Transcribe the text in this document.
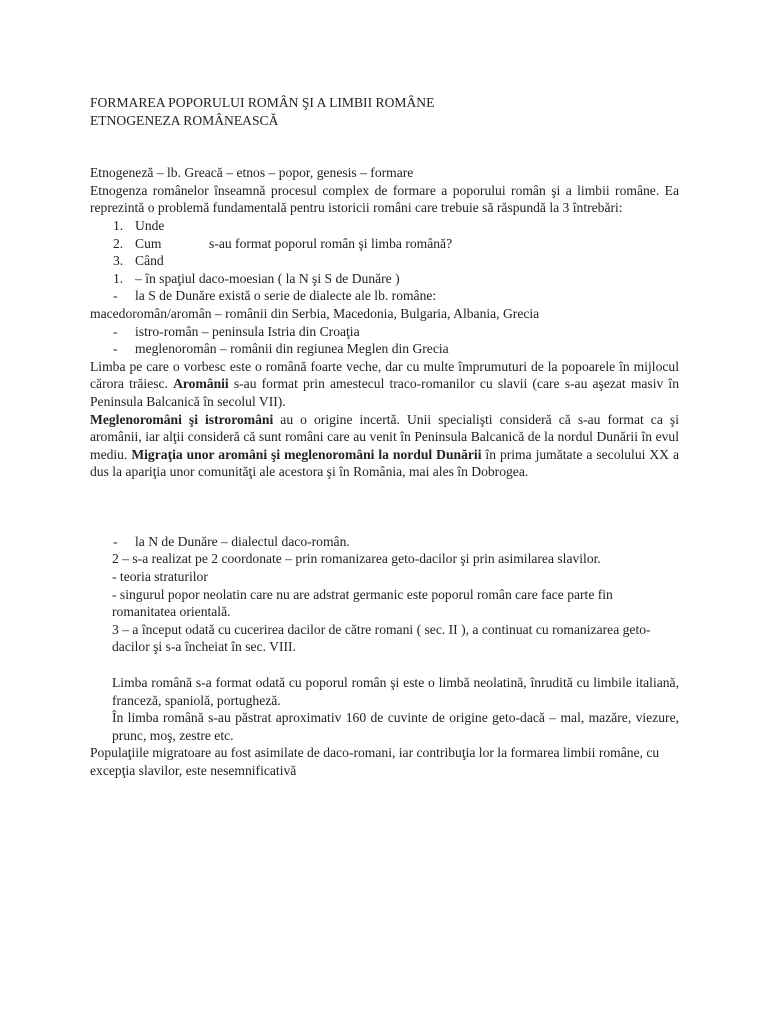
FORMAREA POPORULUI ROMÂN ŞI A LIMBII ROMÂNE
ETNOGENEZA ROMÂNEASCĂ

Etnogeneză – lb. Greacă – etnos – popor, genesis – formare

Etnogenza românelor înseamnă procesul complex de formare a poporului român şi a limbii române. Ea reprezintă o problemă fundamentală pentru istoricii români care trebuie să răspundă la 3 întrebări:

1. Unde
2. Cum	s-au format poporul român şi limba română?
3. Când
1. – în spaţiul daco-moesian ( la N şi S de Dunăre )
-	la S de Dunăre există o serie de dialecte ale lb. române:

macedoromân/aromân – românii din Serbia, Macedonia, Bulgaria, Albania, Grecia

-	istro-român – peninsula Istria din Croaţia
-	meglenoromân – românii din regiunea Meglen din Grecia

Limba pe care o vorbesc este o română foarte veche, dar cu multe împrumuturi de la popoarele în mijlocul cărora trăiesc. Aromânii s-au format prin amestecul traco-romanilor cu slavii (care s-au aşezat masiv în Peninsula Balcanică în secolul VII).

Meglenoromâni şi istroromâni au o origine incertă. Unii specialişti consideră că s-au format ca şi aromânii, iar alţii consideră că sunt români care au venit în Peninsula Balcanică de la nordul Dunării în evul mediu. Migraţia unor aromâni şi meglenoromâni la nordul Dunării în prima jumătate a secolului XX a dus la apariţia unor comunităţi ale acestora şi în România, mai ales în Dobrogea.

-	la N de Dunăre – dialectul daco-român.

2 – s-a realizat pe 2 coordonate – prin romanizarea geto-dacilor şi prin asimilarea slavilor.

- teoria straturilor

- singurul popor neolatin care nu are adstrat germanic este poporul român care face parte fin romanitatea orientală.

3 – a început odată cu cucerirea dacilor de către romani ( sec. II ), a continuat cu romanizarea geto-dacilor şi s-a încheiat în sec. VIII.

Limba română s-a format odată cu poporul român şi este o limbă neolatină, înrudită cu limbile italiană, franceză, spaniolă, portugheză.

În limba română s-au păstrat aproximativ 160 de cuvinte de origine geto-dacă – mal, mazăre, viezure, prunc, moş, zestre etc.

Populaţiile migratoare au fost asimilate de daco-romani, iar contribuţia lor la formarea limbii române, cu excepţia slavilor, este nesemnificativă
